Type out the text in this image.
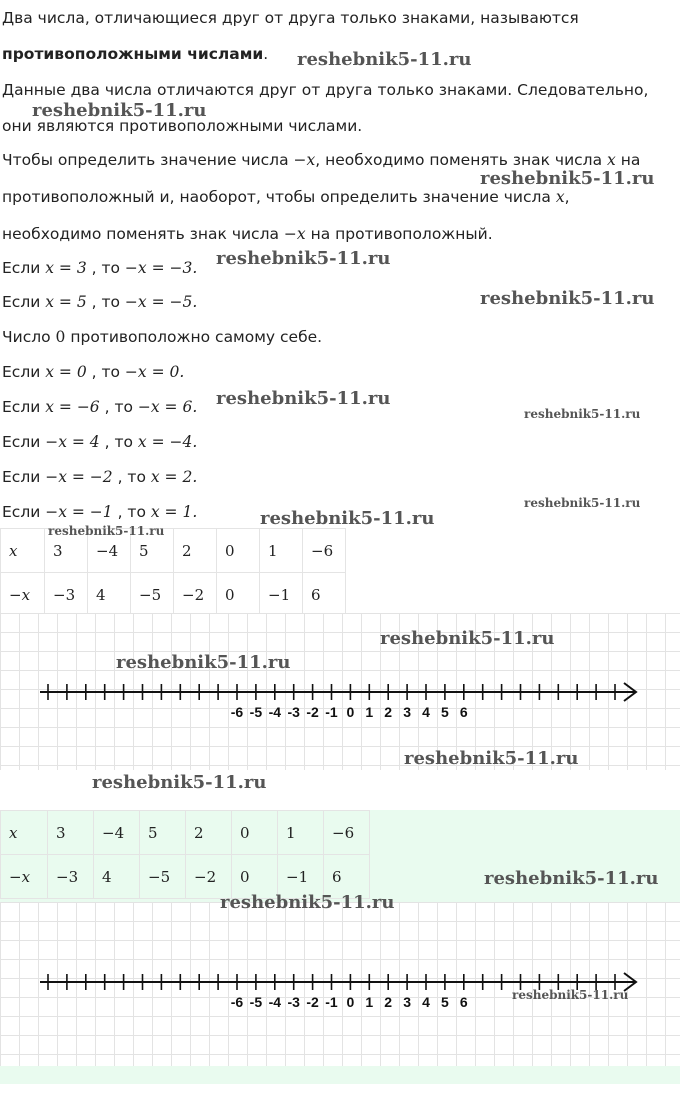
Два числа, отличающиеся друг от друга только знаками, называются
противоположными числами.
Данные два числа отличаются друг от друга только знаками. Следовательно,
они являются противоположными числами.
Чтобы определить значение числа −x, необходимо поменять знак числа x на
противоположный и, наоборот, чтобы определить значение числа x,
необходимо поменять знак числа −x на противоположный.
Если x = 3 , то −x = −3.
Если x = 5 , то −x = −5.
Число 0 противоположно самому себе.
Если x = 0 , то −x = 0.
Если x = −6 , то −x = 6.
Если −x = 4 , то x = −4.
Если −x = −2 , то x = 2.
Если −x = −1 , то x = 1.
x	3	−4	5	2	0	1	−6
−x	−3	4	−5	−2	0	−1	6
-6 -5 -4 -3 -2 -1 0 1 2 3 4 5 6
x	3	−4	5	2	0	1	−6
−x	−3	4	−5	−2	0	−1	6
-6 -5 -4 -3 -2 -1 0 1 2 3 4 5 6
reshebnik5-11.ru
reshebnik5-11.ru
reshebnik5-11.ru
reshebnik5-11.ru
reshebnik5-11.ru
reshebnik5-11.ru
reshebnik5-11.ru
reshebnik5-11.ru
reshebnik5-11.ru
reshebnik5-11.ru
reshebnik5-11.ru
reshebnik5-11.ru
reshebnik5-11.ru
reshebnik5-11.ru
reshebnik5-11.ru
reshebnik5-11.ru
reshebnik5-11.ru
